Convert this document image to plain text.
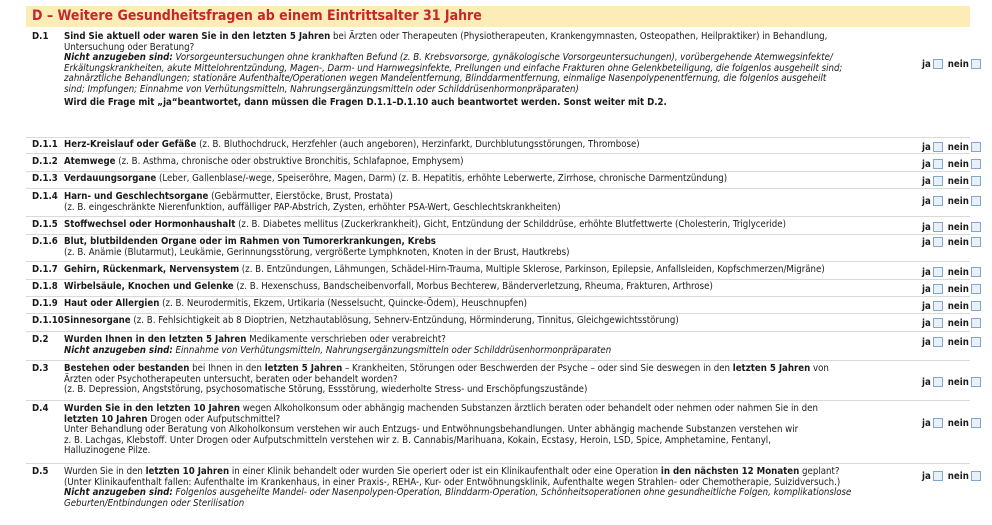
D – Weitere Gesundheitsfragen ab einem Eintrittsalter 31 Jahre
D.1 Sind Sie aktuell oder waren Sie in den letzten 5 Jahren bei Ärzten oder Therapeuten (Physiotherapeuten, Krankengymnasten, Osteopathen, Heilpraktiker) in Behandlung,
Untersuchung oder Beratung?
Nicht anzugeben sind: Vorsorgeuntersuchungen ohne krankhaften Befund (z. B. Krebsvorsorge, gynäkologische Vorsorgeuntersuchungen), vorübergehende Atemwegsinfekte/
Erkältungskrankheiten, akute Mittelohrentzündung, Magen-, Darm- und Harnwegsinfekte, Prellungen und einfache Frakturen ohne Gelenkbeteiligung, die folgenlos ausgeheilt sind;
zahnärztliche Behandlungen; stationäre Aufenthalte/Operationen wegen Mandelentfernung, Blinddarmentfernung, einmalige Nasenpolypenentfernung, die folgenlos ausgeheilt
sind; Impfungen; Einnahme von Verhütungsmitteln, Nahrungsergänzungsmitteln oder Schilddrüsenhormonpräparaten)
Wird die Frage mit „ja“beantwortet, dann müssen die Fragen D.1.1–D.1.10 auch beantwortet werden. Sonst weiter mit D.2.
ja nein
D.1.1 Herz-Kreislauf oder Gefäße (z. B. Bluthochdruck, Herzfehler (auch angeboren), Herzinfarkt, Durchblutungsstörungen, Thrombose)	ja nein
D.1.2 Atemwege (z. B. Asthma, chronische oder obstruktive Bronchitis, Schlafapnoe, Emphysem)	ja nein
D.1.3 Verdauungsorgane (Leber, Gallenblase/-wege, Speiseröhre, Magen, Darm) (z. B. Hepatitis, erhöhte Leberwerte, Zirrhose, chronische Darmentzündung)	ja nein
D.1.4 Harn- und Geschlechtsorgane (Gebärmutter, Eierstöcke, Brust, Prostata)
(z. B. eingeschränkte Nierenfunktion, auffälliger PAP-Abstrich, Zysten, erhöhter PSA-Wert, Geschlechtskrankheiten)
ja nein
D.1.5 Stoffwechsel oder Hormonhaushalt (z. B. Diabetes mellitus (Zuckerkrankheit), Gicht, Entzündung der Schilddrüse, erhöhte Blutfettwerte (Cholesterin, Triglyceride)	ja nein
D.1.6 Blut, blutbildenden Organe oder im Rahmen von Tumorerkrankungen, Krebs
(z. B. Anämie (Blutarmut), Leukämie, Gerinnungsstörung, vergrößerte Lymphknoten, Knoten in der Brust, Hautkrebs)
ja nein
D.1.7 Gehirn, Rückenmark, Nervensystem (z. B. Entzündungen, Lähmungen, Schädel-Hirn-Trauma, Multiple Sklerose, Parkinson, Epilepsie, Anfallsleiden, Kopfschmerzen/Migräne)	ja nein
D.1.8 Wirbelsäule, Knochen und Gelenke (z. B. Hexenschuss, Bandscheibenvorfall, Morbus Bechterew, Bänderverletzung, Rheuma, Frakturen, Arthrose)	ja nein
D.1.9 Haut oder Allergien (z. B. Neurodermitis, Ekzem, Urtikaria (Nesselsucht, Quincke-Ödem), Heuschnupfen)	ja nein
D.1.10 Sinnesorgane (z. B. Fehlsichtigkeit ab 8 Dioptrien, Netzhautablösung, Sehnerv-Entzündung, Hörminderung, Tinnitus, Gleichgewichtsstörung)	ja nein
D.2 Wurden Ihnen in den letzten 5 Jahren Medikamente verschrieben oder verabreicht?
Nicht anzugeben sind: Einnahme von Verhütungsmitteln, Nahrungsergänzungsmitteln oder Schilddrüsenhormonpräparaten
ja nein
D.3 Bestehen oder bestanden bei Ihnen in den letzten 5 Jahren – Krankheiten, Störungen oder Beschwerden der Psyche – oder sind Sie deswegen in den letzten 5 Jahren von
Ärzten oder Psychotherapeuten untersucht, beraten oder behandelt worden?
(z. B. Depression, Angststörung, psychosomatische Störung, Essstörung, wiederholte Stress- und Erschöpfungszustände)
ja nein
D.4 Wurden Sie in den letzten 10 Jahren wegen Alkoholkonsum oder abhängig machenden Substanzen ärztlich beraten oder behandelt oder nehmen oder nahmen Sie in den
letzten 10 Jahren Drogen oder Aufputschmittel?
Unter Behandlung oder Beratung von Alkoholkonsum verstehen wir auch Entzugs- und Entwöhnungsbehandlungen. Unter abhängig machende Substanzen verstehen wir
z. B. Lachgas, Klebstoff. Unter Drogen oder Aufputschmitteln verstehen wir z. B. Cannabis/Marihuana, Kokain, Ecstasy, Heroin, LSD, Spice, Amphetamine, Fentanyl,
Halluzinogene Pilze.
ja nein
D.5 Wurden Sie in den letzten 10 Jahren in einer Klinik behandelt oder wurden Sie operiert oder ist ein Klinikaufenthalt oder eine Operation in den nächsten 12 Monaten geplant?
(Unter Klinikaufenthalt fallen: Aufenthalte im Krankenhaus, in einer Praxis-, REHA-, Kur- oder Entwöhnungsklinik, Aufenthalte wegen Strahlen- oder Chemotherapie, Suizidversuch.)
Nicht anzugeben sind: Folgenlos ausgeheilte Mandel- oder Nasenpolypen-Operation, Blinddarm-Operation, Schönheitsoperationen ohne gesundheitliche Folgen, komplikationslose
Geburten/Entbindungen oder Sterilisation
ja nein
